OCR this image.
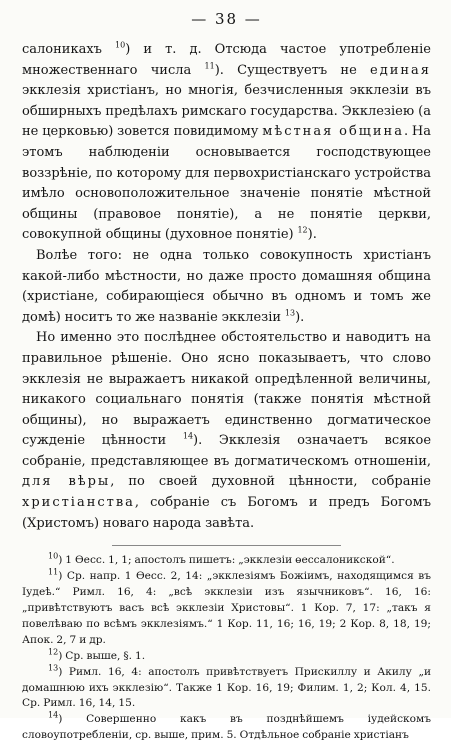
— 38 —

салоникахъ $^{10}$) и т. д. Отсюда частое употребленіе множественнаго числа $^{11}$). Существуетъ не единая экклезія христіанъ, но многія, безчисленныя экклезіи въ обширныхъ предѣлахъ римскаго государства. Экклезіею (а не церковью) зовется повидимому мѣстная община. На этомъ наблюденіи основывается господствующее воззрѣніе, по которому для первохристіанскаго устройства имѣло основоположительное значеніе понятіе мѣстной общины (правовое понятіе), а не понятіе церкви, совокупной общины (духовное понятіе) $^{12}$).

Волѣе того: не одна только совокупность христіанъ какой-либо мѣстности, но даже просто домашняя община (христіане, собирающіеся обычно въ одномъ и томъ же домѣ) носитъ то же названіе экклезіи $^{13}$).

Но именно это послѣднее обстоятельство и наводитъ на правильное рѣшеніе. Оно ясно показываетъ, что слово экклезія не выражаетъ никакой опредѣленной величины, никакого социальнаго понятія (также понятія мѣстной общины), но выражаетъ единственно догматическое сужденіе цѣнности $^{14}$). Экклезія означаетъ всякое собраніе, представляющее въ догматическомъ отношеніи, для вѣры, по своей духовной цѣнности, собраніе христіанства, собраніе съ Богомъ и предъ Богомъ (Христомъ) новаго народа завѣта.

$^{10}$) 1 Өесс. 1, 1; апостолъ пишетъ: „экклезіи өессалоникской“.

$^{11}$) Ср. напр. 1 Өесс. 2, 14: „экклезіямъ Божіимъ, находящимся въ Іудеѣ.“ Римл. 16, 4: „всѣ экклезіи изъ язычниковъ“. 16, 16: „привѣтствуютъ васъ всѣ экклезіи Христовы“. 1 Кор. 7, 17: „такъ я повелѣваю по всѣмъ экклезіямъ.“ 1 Кор. 11, 16; 16, 19; 2 Кор. 8, 18, 19; Апок. 2, 7 и др.

$^{12}$) Ср. выше, §. 1.

$^{13}$) Римл. 16, 4: апостолъ привѣтствуетъ Прискиллу и Акилу „и домашнюю ихъ экклезію“. Также 1 Кор. 16, 19; Филим. 1, 2; Кол. 4, 15. Ср. Римл. 16, 14, 15.

$^{14}$) Совершенно какъ въ позднѣйшемъ іудейскомъ словоупотребленіи, ср. выше, прим. 5. Отдѣльное собраніе христіанъ
